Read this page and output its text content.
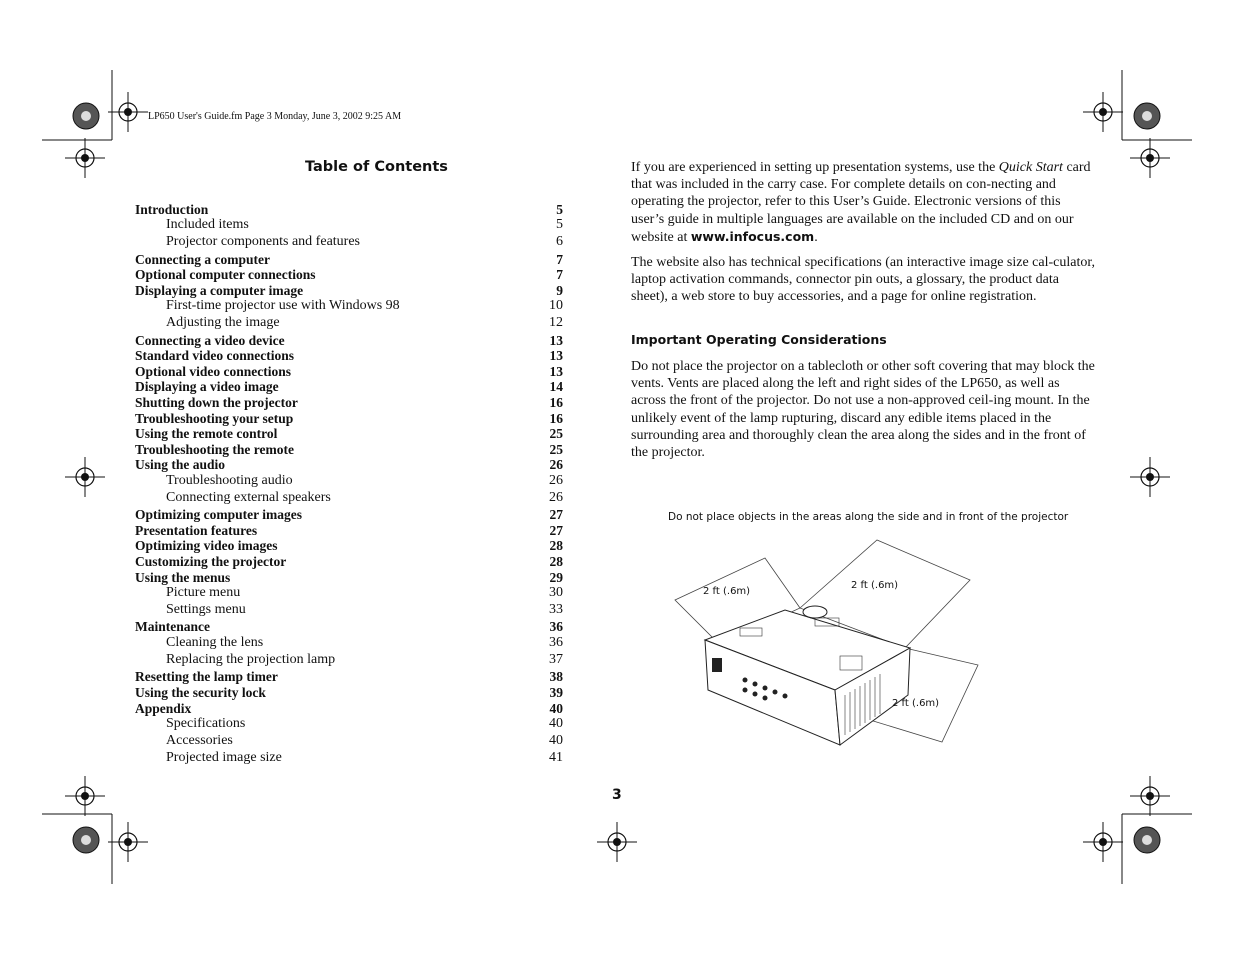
LP650 User's Guide.fm Page 3 Monday, June 3, 2002 9:25 AM
Table of Contents
Introduction	5
Included items	5
Projector components and features	6
Connecting a computer	7
Optional computer connections	7
Displaying a computer image	9
First-time projector use with Windows 98	10
Adjusting the image	12
Connecting a video device	13
Standard video connections	13
Optional video connections	13
Displaying a video image	14
Shutting down the projector	16
Troubleshooting your setup	16
Using the remote control	25
Troubleshooting the remote	25
Using the audio	26
Troubleshooting audio	26
Connecting external speakers	26
Optimizing computer images	27
Presentation features	27
Optimizing video images	28
Customizing the projector	28
Using the menus	29
Picture menu	30
Settings menu	33
Maintenance	36
Cleaning the lens	36
Replacing the projection lamp	37
Resetting the lamp timer	38
Using the security lock	39
Appendix	40
Specifications	40
Accessories	40
Projected image size	41
If you are experienced in setting up presentation systems, use the Quick Start card that was included in the carry case. For complete details on con-necting and operating the projector, refer to this User’s Guide. Electronic versions of this user’s guide in multiple languages are available on the included CD and on our website at www.infocus.com.
The website also has technical specifications (an interactive image size cal-culator, laptop activation commands, connector pin outs, a glossary, the product data sheet), a web store to buy accessories, and a page for online registration.
Important Operating Considerations
Do not place the projector on a tablecloth or other soft covering that may block the vents. Vents are placed along the left and right sides of the LP650, as well as across the front of the projector. Do not use a non-approved ceil-ing mount. In the unlikely event of the lamp rupturing, discard any edible items placed in the surrounding area and thoroughly clean the area along the sides and in the front of the projector.
Do not place objects in the areas along the side and in front of the projector
2 ft (.6m)
2 ft (.6m)
2 ft (.6m)
3
